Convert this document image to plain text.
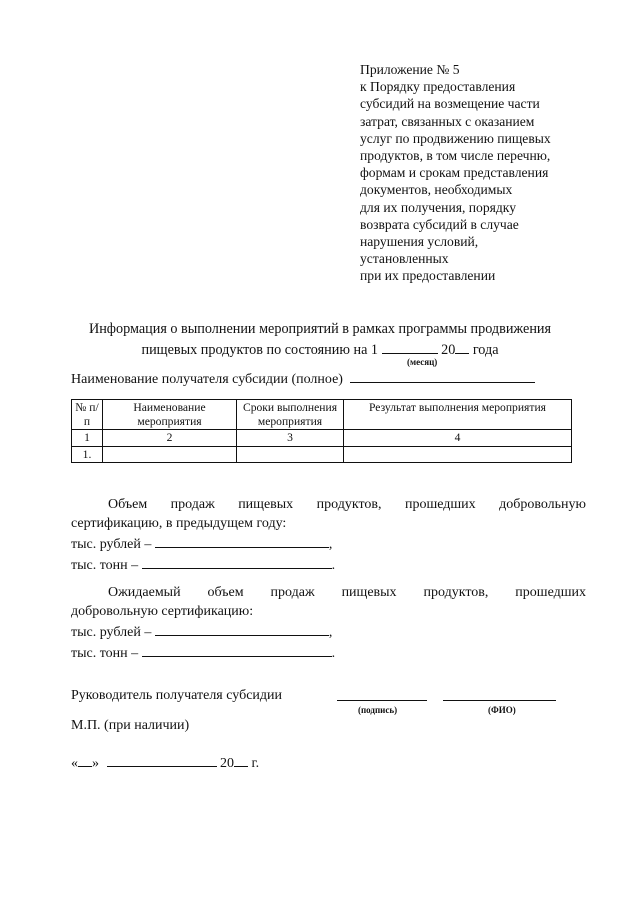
Приложение № 5
к Порядку предоставления
субсидий на возмещение части
затрат, связанных с оказанием
услуг по продвижению пищевых
продуктов, в том числе перечню,
формам и срокам представления
документов, необходимых
для их получения, порядку
возврата субсидий в случае
нарушения условий,
установленных
при их предоставлении
Информация о выполнении мероприятий в рамках программы продвижения
пищевых продуктов по состоянию на 1	20 года
(месяц)
Наименование получателя субсидии (полное)
№ п/п	Наименование мероприятия	Сроки выполнения мероприятия	Результат выполнения мероприятия
1	2	3	4
1.			
Объем продаж пищевых продуктов, прошедших добровольную
сертификацию, в предыдущем году:
тыс. рублей –	,
тыс. тонн –	.
Ожидаемый объем продаж пищевых продуктов, прошедших
добровольную сертификацию:
тыс. рублей –	,
тыс. тонн –	.
Руководитель получателя субсидии
(подпись)	(ФИО)
М.П. (при наличии)
« »	20 г.
